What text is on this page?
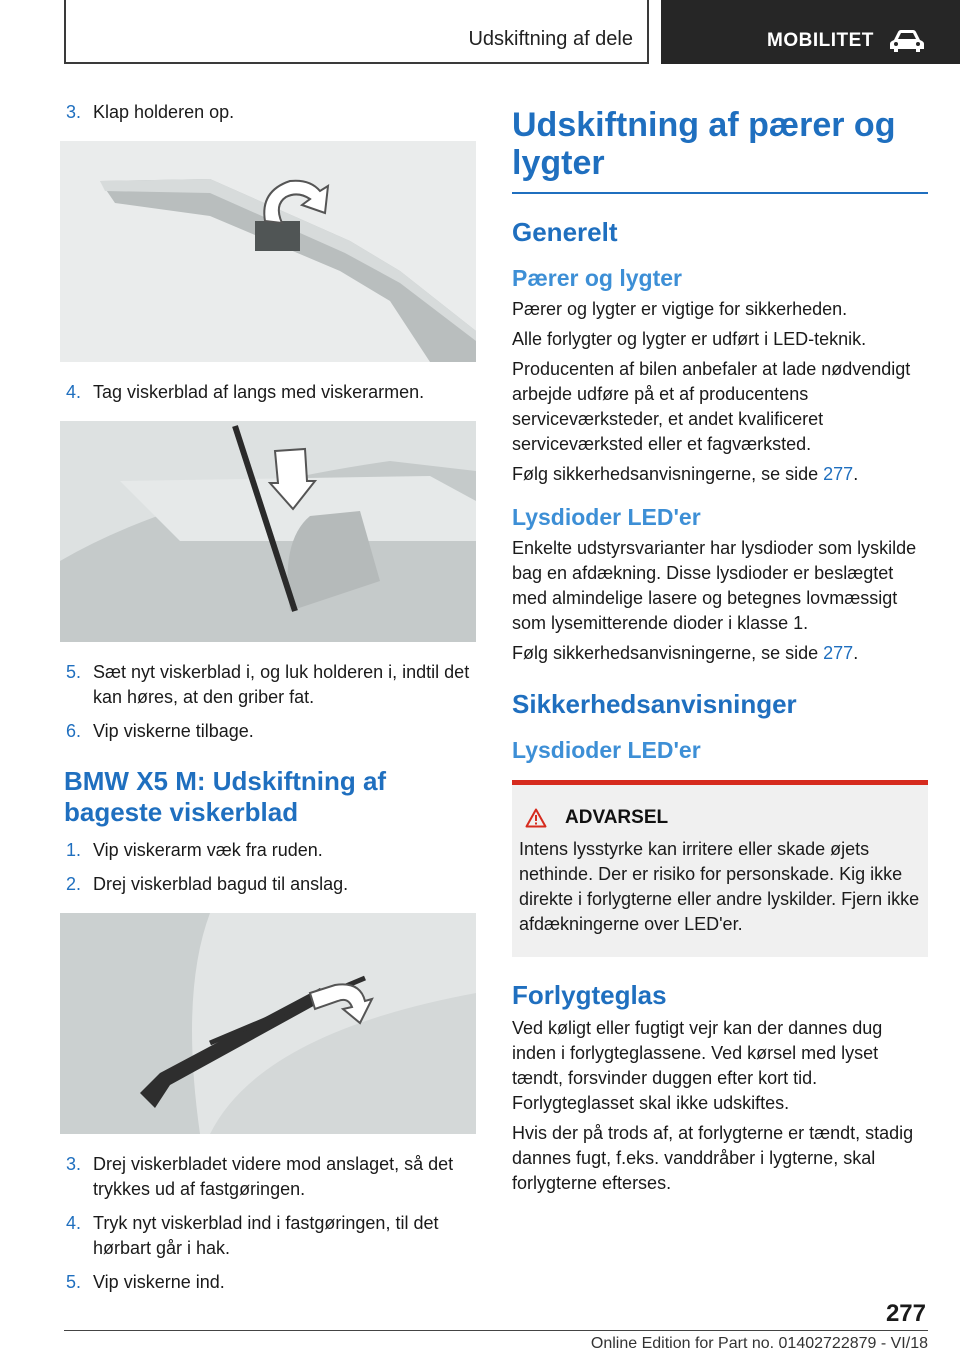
Udskiftning af dele	MOBILITET
3. Klap holderen op.
4. Tag viskerblad af langs med viskerarmen.
5. Sæt nyt viskerblad i, og luk holderen i, indtil det kan høres, at den griber fat.
6. Vip viskerne tilbage.
BMW X5 M: Udskiftning af bageste viskerblad
1. Vip viskerarm væk fra ruden.
2. Drej viskerblad bagud til anslag.
3. Drej viskerbladet videre mod anslaget, så det trykkes ud af fastgøringen.
4. Tryk nyt viskerblad ind i fastgøringen, til det hørbart går i hak.
5. Vip viskerne ind.
Udskiftning af pærer og lygter
Generelt
Pærer og lygter
Pærer og lygter er vigtige for sikkerheden.
Alle forlygter og lygter er udført i LED-teknik.
Producenten af bilen anbefaler at lade nødvendigt arbejde udføre på et af producentens serviceværksteder, et andet kvalificeret serviceværksted eller et fagværksted.
Følg sikkerhedsanvisningerne, se side 277.
Lysdioder LED'er
Enkelte udstyrsvarianter har lysdioder som lyskilde bag en afdækning. Disse lysdioder er beslægtet med almindelige lasere og betegnes lovmæssigt som lysemitterende dioder i klasse 1.
Følg sikkerhedsanvisningerne, se side 277.
Sikkerhedsanvisninger
Lysdioder LED'er
ADVARSEL
Intens lysstyrke kan irritere eller skade øjets nethinde. Der er risiko for personskade. Kig ikke direkte i forlygterne eller andre lyskilder. Fjern ikke afdækningerne over LED'er.
Forlygteglas
Ved køligt eller fugtigt vejr kan der dannes dug inden i forlygteglassene. Ved kørsel med lyset tændt, forsvinder duggen efter kort tid. Forlygteglasset skal ikke udskiftes.
Hvis der på trods af, at forlygterne er tændt, stadig dannes fugt, f.eks. vanddråber i lygterne, skal forlygterne efterses.
277
Online Edition for Part no. 01402722879 - VI/18
